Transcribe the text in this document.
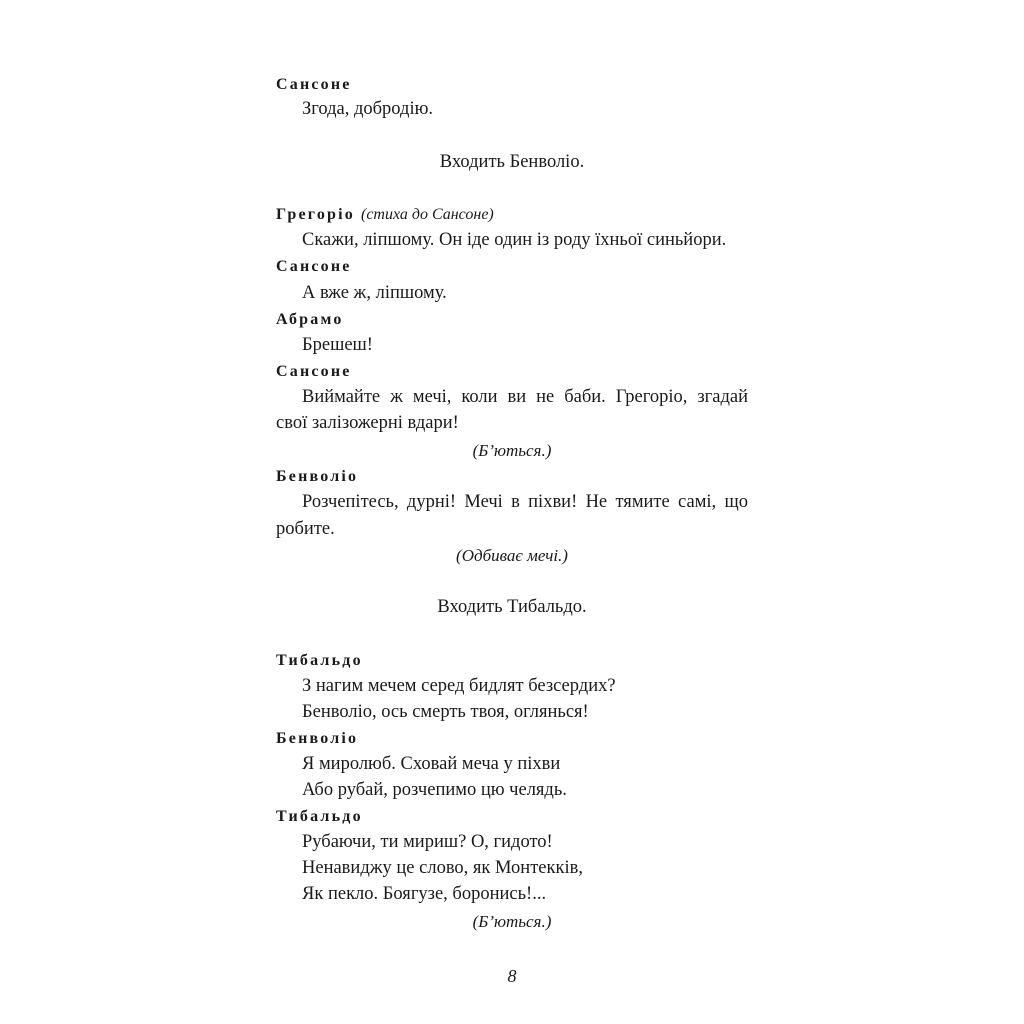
Сансоне
Згода, добродію.
Входить Бенволіо.
Грегоріо (стиха до Сансоне)
Скажи, ліпшому. Он іде один із роду їхньої синьйори.
Сансоне
А вже ж, ліпшому.
Абрамо
Брешеш!
Сансоне
Виймайте ж мечі, коли ви не баби. Грегоріо, згадай
свої залізожерні вдари!
(Б’ються.)
Бенволіо
Розчепітесь, дурні! Мечі в піхви! Не тямите самі, що
робите.
(Одбиває мечі.)
Входить Тибальдо.
Тибальдо
З нагим мечем серед бидлят безсердих?
Бенволіо, ось смерть твоя, оглянься!
Бенволіо
Я миролюб. Сховай меча у піхви
Або рубай, розчепимо цю челядь.
Тибальдо
Рубаючи, ти мириш? О, гидото!
Ненавиджу це слово, як Монтекків,
Як пекло. Боягузе, боронись!...
(Б’ються.)
8
